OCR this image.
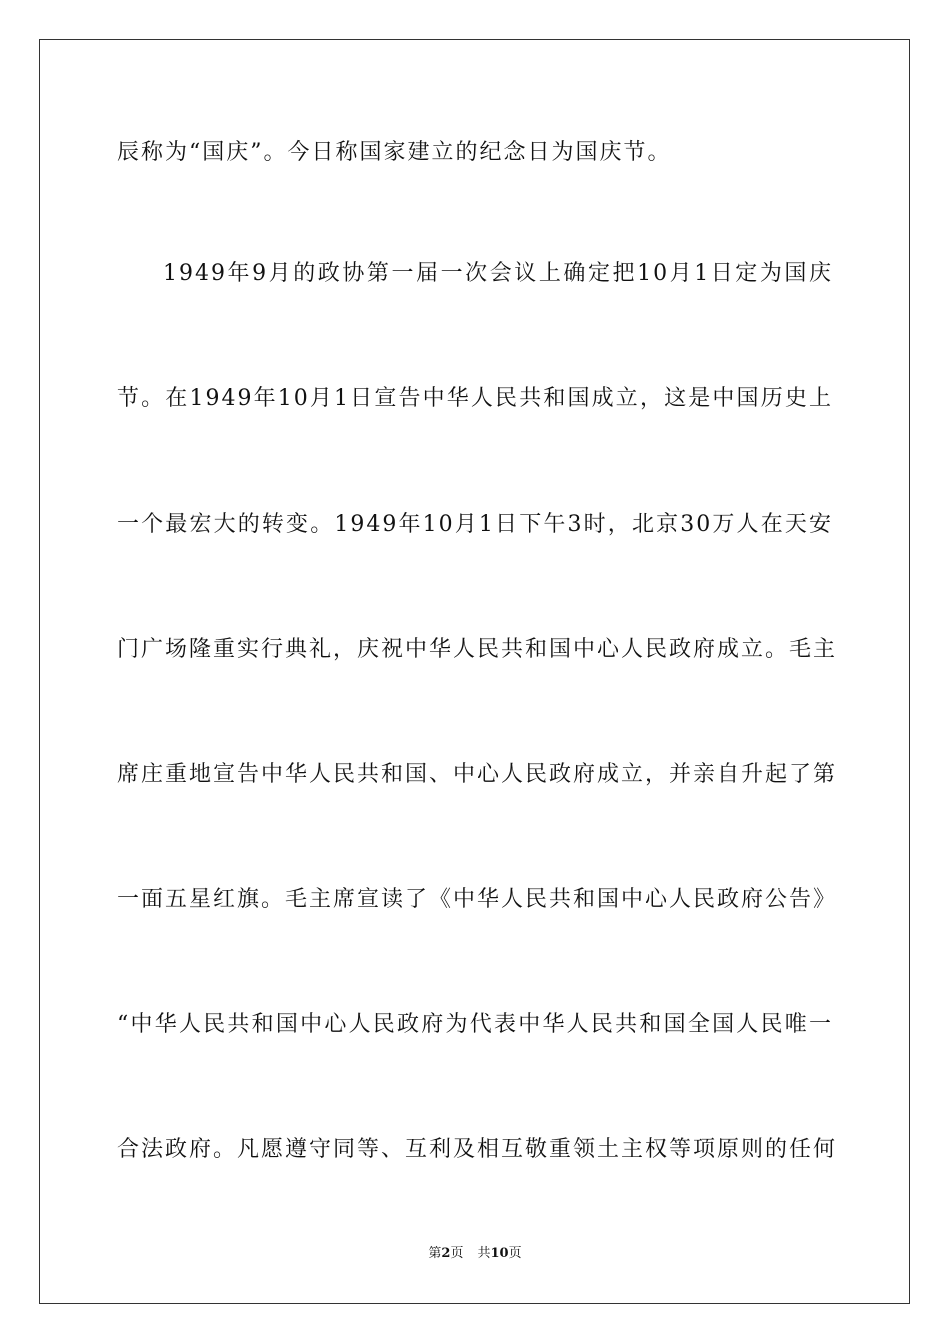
辰称为“国庆”。今日称国家建立的纪念日为国庆节。
1949年9月的政协第一届一次会议上确定把10月1日定为国庆
节。在1949年10月1日宣告中华人民共和国成立，这是中国历史上
一个最宏大的转变。1949年10月1日下午3时，北京30万人在天安
门广场隆重实行典礼，庆祝中华人民共和国中心人民政府成立。毛主
席庄重地宣告中华人民共和国、中心人民政府成立，并亲自升起了第
一面五星红旗。毛主席宣读了《中华人民共和国中心人民政府公告》
“中华人民共和国中心人民政府为代表中华人民共和国全国人民唯一
合法政府。凡愿遵守同等、互利及相互敬重领土主权等项原则的任何
第2页 共10页
